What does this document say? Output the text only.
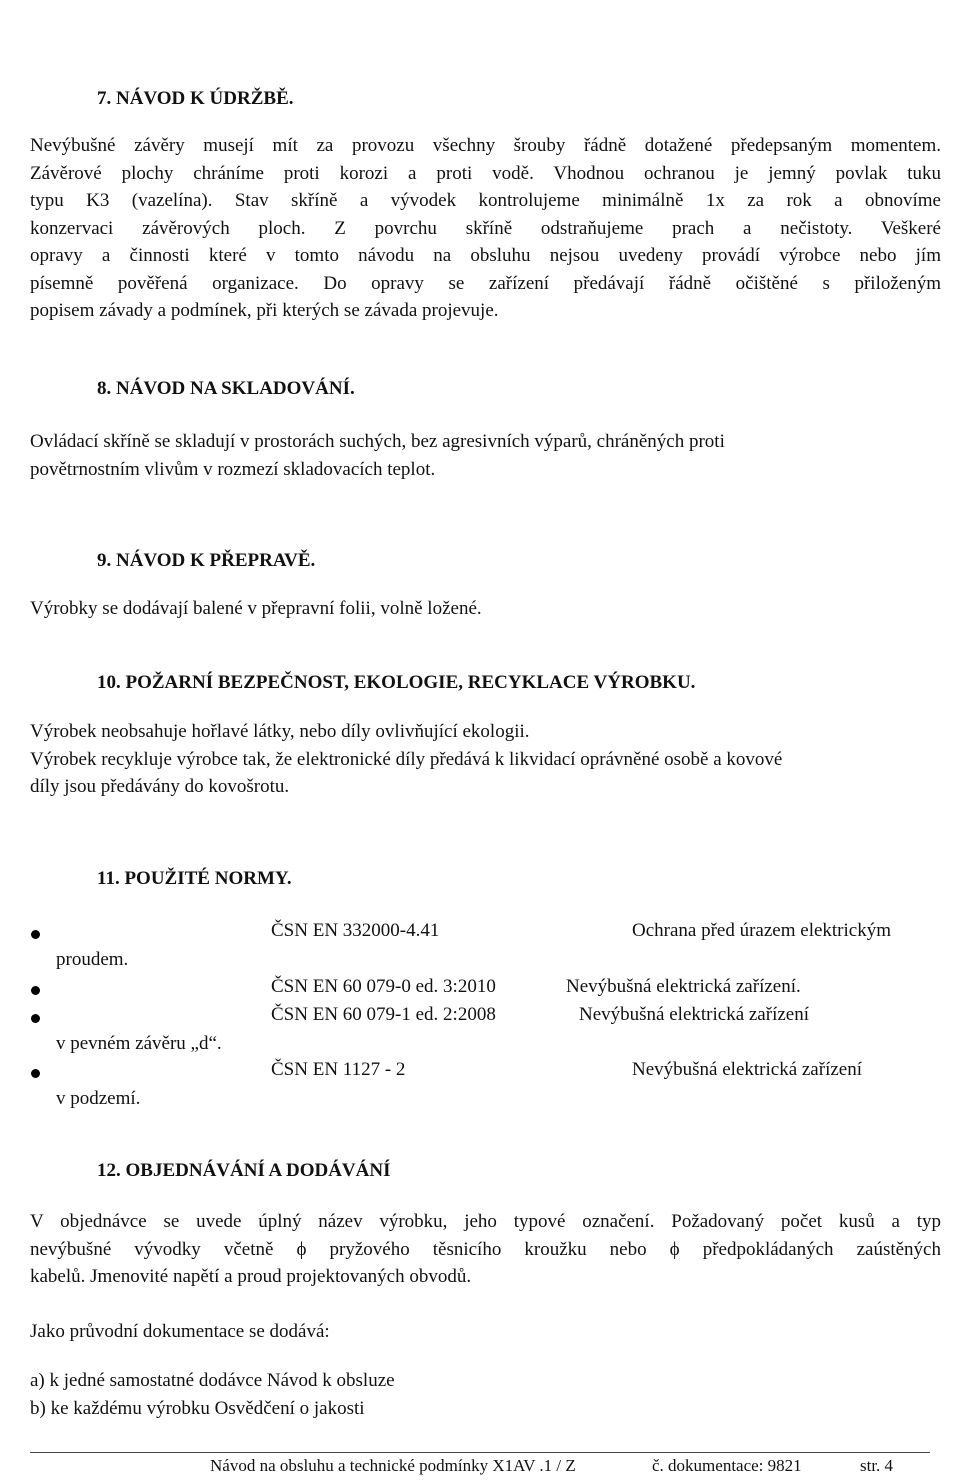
7. NÁVOD K ÚDRŽBĚ.
Nevýbušné závěry musejí mít za provozu všechny šrouby řádně dotažené předepsaným momentem.
Závěrové plochy chráníme proti korozi a proti vodě. Vhodnou ochranou je jemný povlak tuku
typu K3 (vazelína). Stav skříně a vývodek kontrolujeme minimálně 1x za rok a obnovíme
konzervaci závěrových ploch. Z povrchu skříně odstraňujeme prach a nečistoty. Veškeré
opravy a činnosti které v tomto návodu na obsluhu nejsou uvedeny provádí výrobce nebo jím
písemně pověřená organizace. Do opravy se zařízení předávají řádně očištěné s přiloženým
popisem závady a podmínek, při kterých se závada projevuje.
8. NÁVOD NA SKLADOVÁNÍ.
Ovládací skříně se skladují v prostorách suchých, bez agresivních výparů, chráněných proti
povětrnostním vlivům v rozmezí skladovacích teplot.
9. NÁVOD K PŘEPRAVĚ.
Výrobky se dodávají balené v přepravní folii, volně ložené.
10. POŽARNÍ BEZPEČNOST, EKOLOGIE, RECYKLACE VÝROBKU.
Výrobek neobsahuje hořlavé látky, nebo díly ovlivňující ekologii.
Výrobek recykluje výrobce tak, že elektronické díly předává k likvidací oprávněné osobě a kovové
díly jsou předávány do kovošrotu.
11. POUŽITÉ NORMY.
ČSN EN 332000-4.41	Ochrana před úrazem elektrickým
proudem.
ČSN EN 60 079-0 ed. 3:2010	Nevýbušná elektrická zařízení.
ČSN EN 60 079-1 ed. 2:2008	Nevýbušná elektrická zařízení
v pevném závěru „d“.
ČSN EN 1127 - 2	Nevýbušná elektrická zařízení
v podzemí.
12. OBJEDNÁVÁNÍ A DODÁVÁNÍ
V objednávce se uvede úplný název výrobku, jeho typové označení. Požadovaný počet kusů a typ
nevýbušné vývodky včetně ϕ pryžového těsnicího kroužku nebo ϕ předpokládaných zaústěných
kabelů. Jmenovité napětí a proud projektovaných obvodů.
Jako průvodní dokumentace se dodává:
a) k jedné samostatné dodávce Návod k obsluze
b) ke každému výrobku Osvědčení o jakosti
Návod na obsluhu a technické podmínky X1AV .1 / Z	č. dokumentace: 9821	str. 4
